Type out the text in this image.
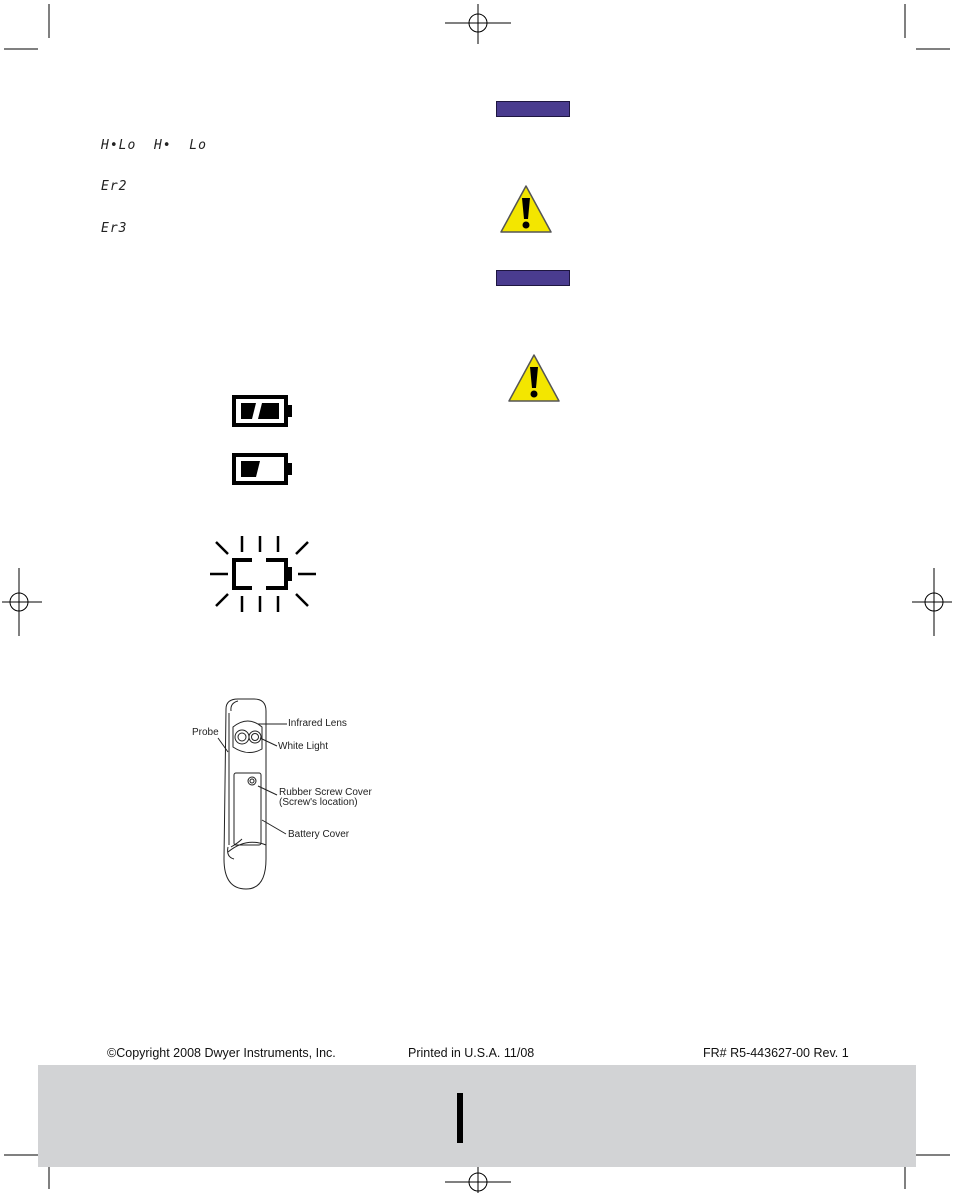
H•Lo  H•  Lo
Er2
Er3
Probe
Infrared Lens
White Light
Rubber Screw Cover
(Screw's location)
Battery Cover
©Copyright 2008 Dwyer Instruments, Inc.	Printed in U.S.A. 11/08	FR# R5-443627-00 Rev. 1
